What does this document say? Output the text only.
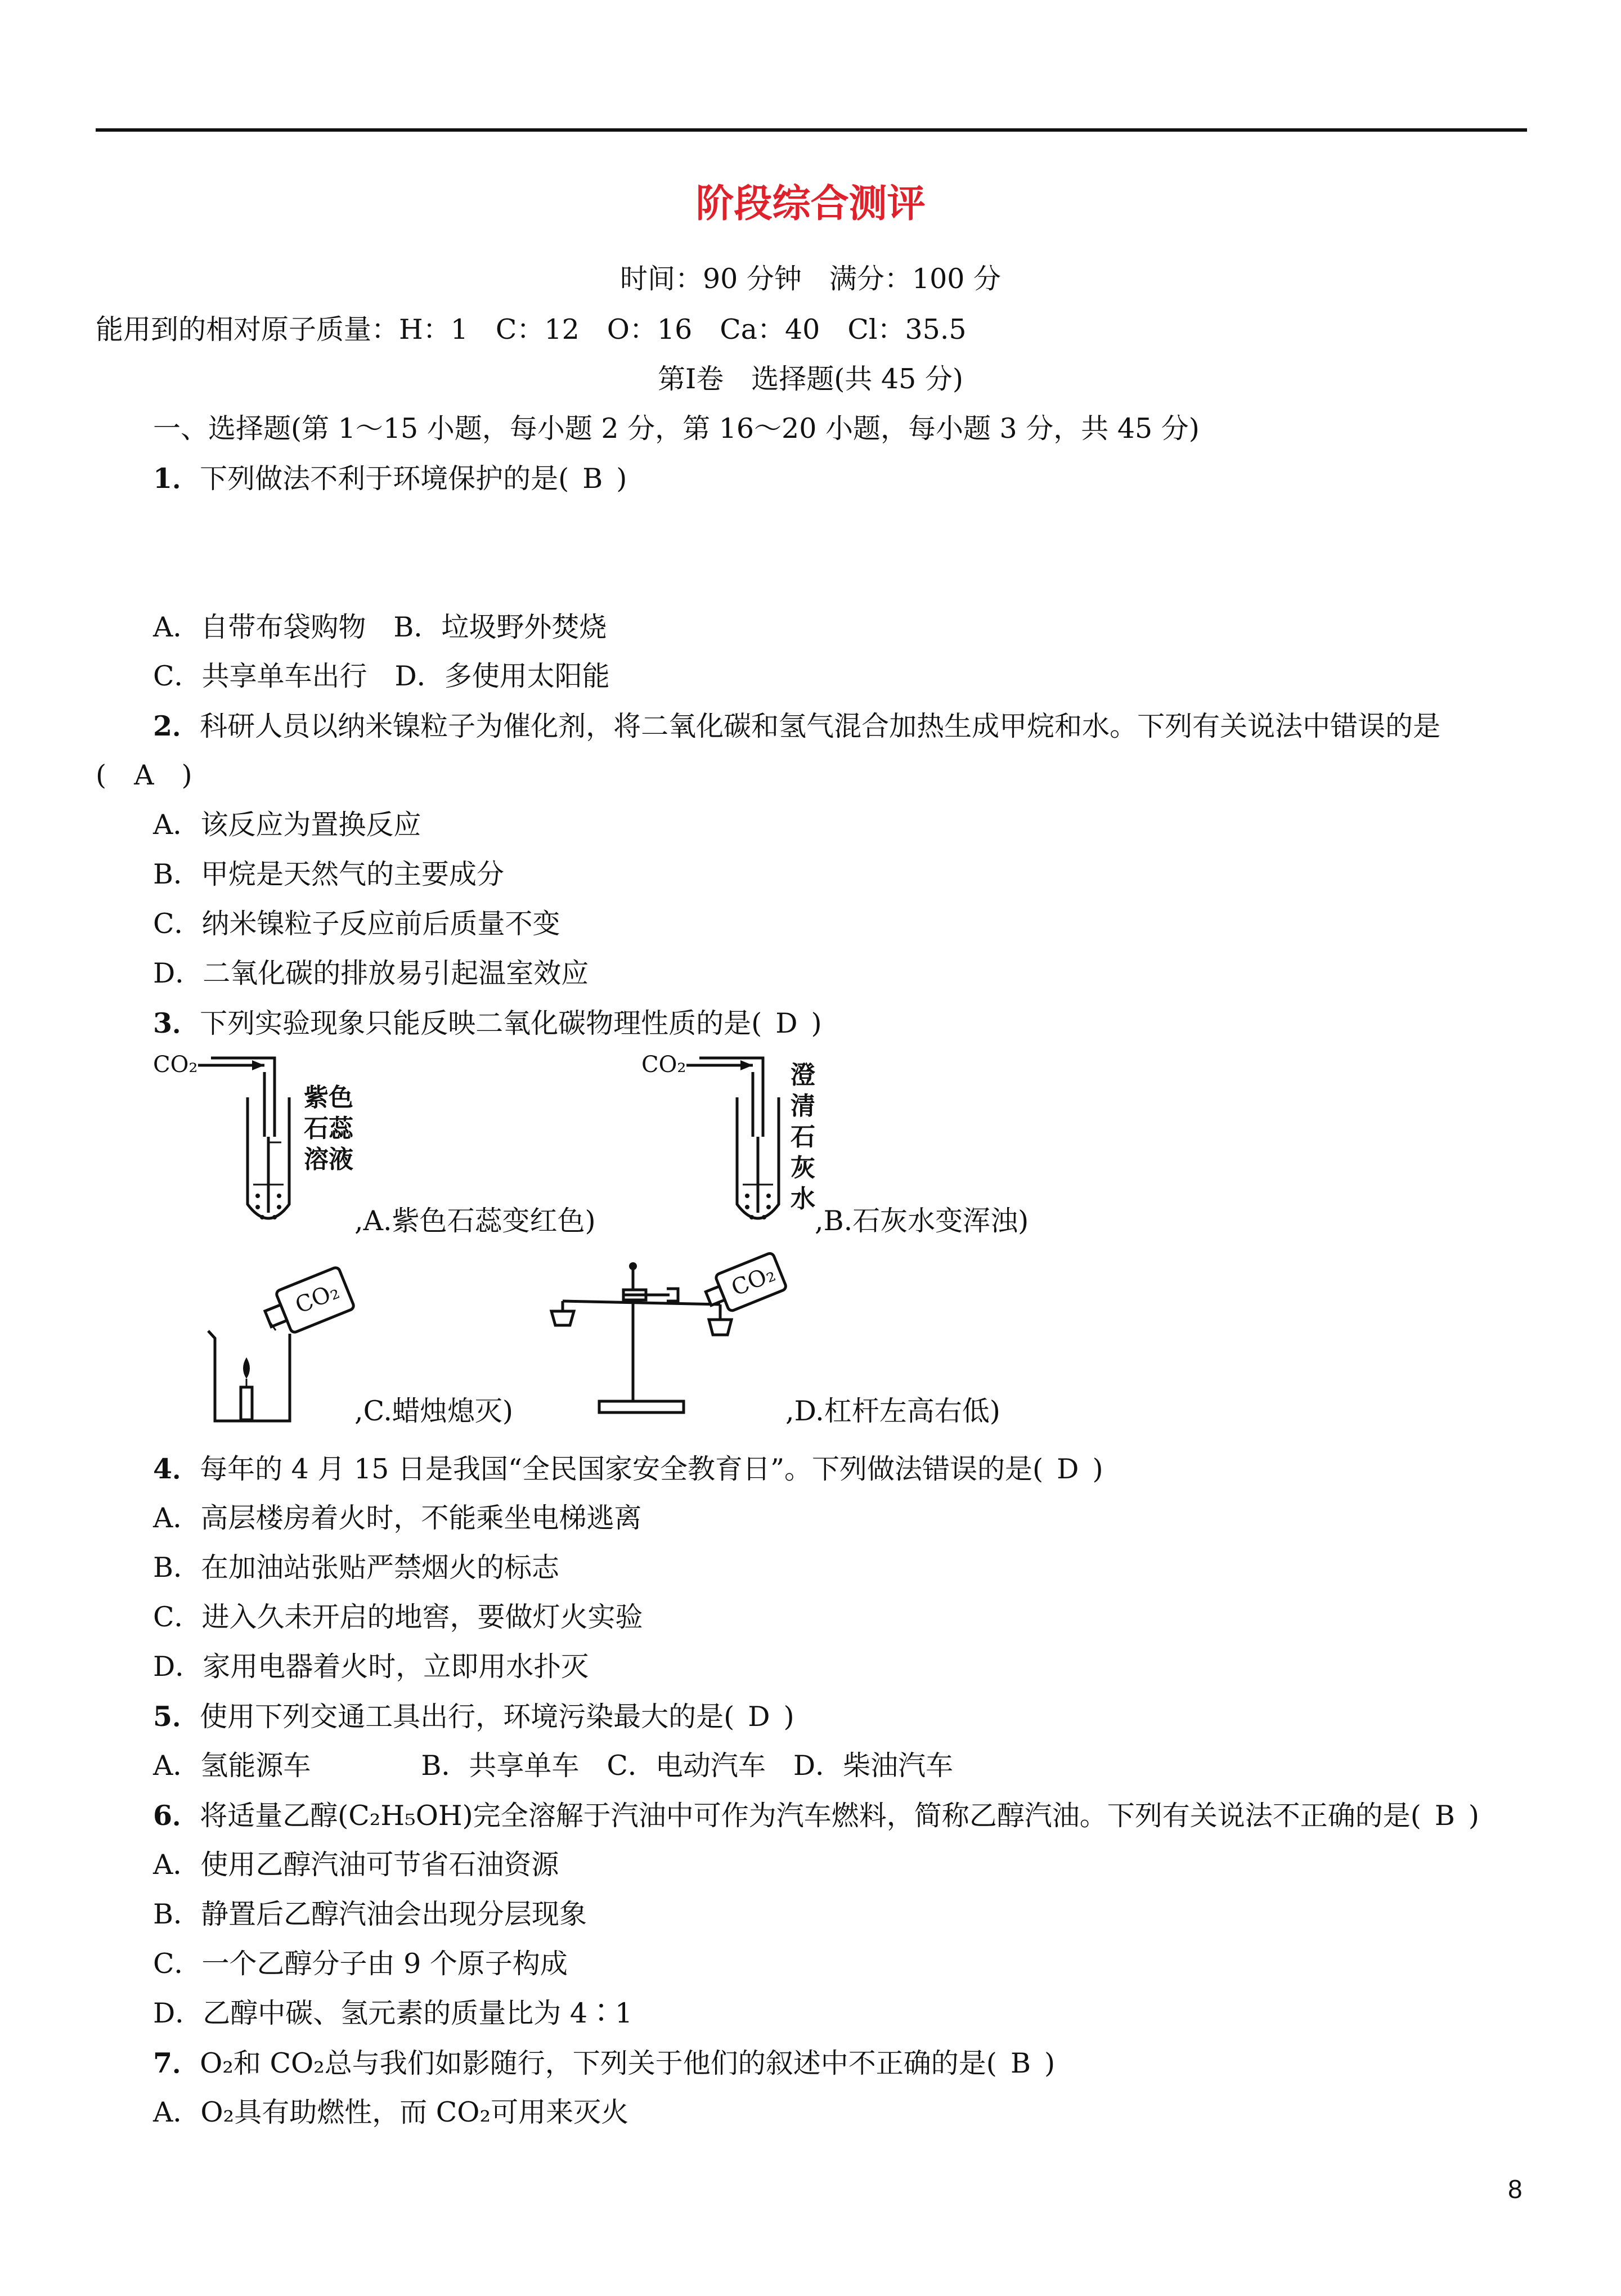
阶段综合测评
时间：90 分钟　满分：100 分
能用到的相对原子质量：H：1　C：12　O：16　Ca：40　Cl：35.5
第Ⅰ卷　选择题(共 45 分)
一、选择题(第 1～15 小题，每小题 2 分，第 16～20 小题，每小题 3 分，共 45 分)
1．下列做法不利于环境保护的是( B )
A．自带布袋购物　B．垃圾野外焚烧
C．共享单车出行　D．多使用太阳能
2．科研人员以纳米镍粒子为催化剂，将二氧化碳和氢气混合加热生成甲烷和水。下列有关说法中错误的是
(　A　)
A．该反应为置换反应
B．甲烷是天然气的主要成分
C．纳米镍粒子反应前后质量不变
D．二氧化碳的排放易引起温室效应
3．下列实验现象只能反映二氧化碳物理性质的是( D )
CO₂
紫色
石蕊
溶液
CO₂	澄
清
石
灰
水
CO₂	CO₂
,A.紫色石蕊变红色)	,B.石灰水变浑浊)
,C.蜡烛熄灭)	,D.杠杆左高右低)
4．每年的 4 月 15 日是我国“全民国家安全教育日”。下列做法错误的是( D )
A．高层楼房着火时，不能乘坐电梯逃离
B．在加油站张贴严禁烟火的标志
C．进入久未开启的地窖，要做灯火实验
D．家用电器着火时，立即用水扑灭
5．使用下列交通工具出行，环境污染最大的是( D )
A．氢能源车　　　　B．共享单车　C．电动汽车　D．柴油汽车
6．将适量乙醇(C₂H₅OH)完全溶解于汽油中可作为汽车燃料，简称乙醇汽油。下列有关说法不正确的是( B )
A．使用乙醇汽油可节省石油资源
B．静置后乙醇汽油会出现分层现象
C．一个乙醇分子由 9 个原子构成
D．乙醇中碳、氢元素的质量比为 4∶1
7．O₂和 CO₂总与我们如影随行，下列关于他们的叙述中不正确的是( B )
A．O₂具有助燃性，而 CO₂可用来灭火
8
